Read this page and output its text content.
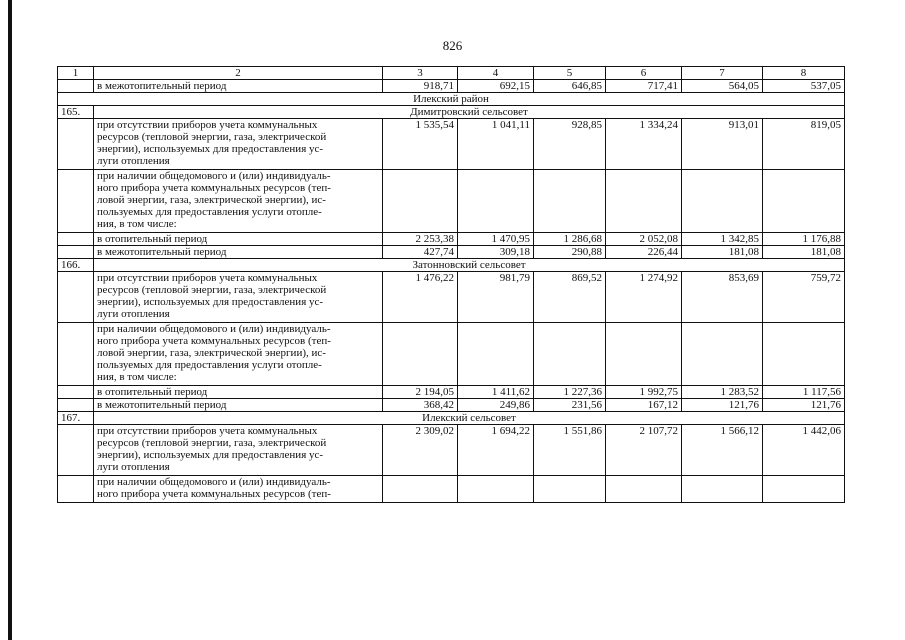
826
1	2	3	4	5	6	7	8

	в межотопительный период	918,71	692,15	646,85	717,41	564,05	537,05
Илекский район							
165.	Димитровский сельсовет						

	при отсутствии приборов учета коммунальных
ресурсов (тепловой энергии, газа, электрической
энергии), используемых для предоставления ус-
луги отопления	1 535,54	1 041,11	928,85	1 334,24	913,01	819,05

	при наличии общедомового и (или) индивидуаль-
ного прибора учета коммунальных ресурсов (теп-
ловой энергии, газа, электрической энергии), ис-
пользуемых для предоставления услуги отопле-
ния, в том числе:						

	в отопительный период	2 253,38	1 470,95	1 286,68	2 052,08	1 342,85	1 176,88

	в межотопительный период	427,74	309,18	290,88	226,44	181,08	181,08
166.	Затонновский сельсовет						

	при отсутствии приборов учета коммунальных
ресурсов (тепловой энергии, газа, электрической
энергии), используемых для предоставления ус-
луги отопления	1 476,22	981,79	869,52	1 274,92	853,69	759,72

	при наличии общедомового и (или) индивидуаль-
ного прибора учета коммунальных ресурсов (теп-
ловой энергии, газа, электрической энергии), ис-
пользуемых для предоставления услуги отопле-
ния, в том числе:						

	в отопительный период	2 194,05	1 411,62	1 227,36	1 992,75	1 283,52	1 117,56

	в межотопительный период	368,42	249,86	231,56	167,12	121,76	121,76
167.	Илекский сельсовет						

	при отсутствии приборов учета коммунальных
ресурсов (тепловой энергии, газа, электрической
энергии), используемых для предоставления ус-
луги отопления	2 309,02	1 694,22	1 551,86	2 107,72	1 566,12	1 442,06

	при наличии общедомового и (или) индивидуаль-
ного прибора учета коммунальных ресурсов (теп-						
